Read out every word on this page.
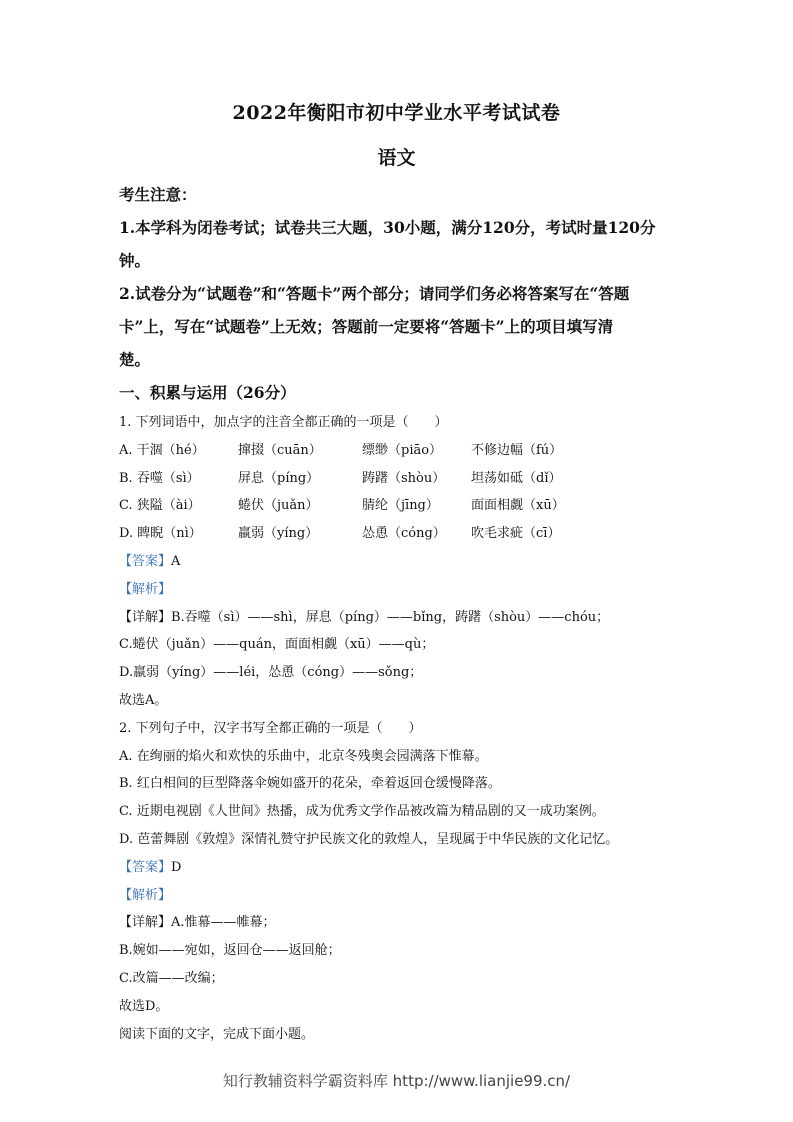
2022年衡阳市初中学业水平考试试卷
语文
考生注意：
1.本学科为闭卷考试；试卷共三大题，30小题，满分120分，考试时量120分
钟。
2.试卷分为“试题卷”和“答题卡”两个部分；请同学们务必将答案写在“答题
卡”上，写在“试题卷”上无效；答题前一定要将“答题卡”上的项目填写清
楚。
一、积累与运用（26分）
1. 下列词语中，加点字的注音全都正确的一项是（　　）
A. 干涸（hé）	撺掇（cuān）	缥缈（piāo）	不修边幅（fú）
B. 吞噬（sì）	屏息（píng）	踌躇（shòu）	坦荡如砥（dǐ）
C. 狭隘（ài）	蜷伏（juǎn）	腈纶（jīng）	面面相觑（xū）
D. 睥睨（nì）	羸弱（yíng）	怂恿（cóng）	吹毛求疵（cī）
【答案】A
【解析】
【详解】B.吞噬（sì）——shì，屏息（píng）——bǐng，踌躇（shòu）——chóu；
C.蜷伏（juǎn）——quán，面面相觑（xū）——qù；
D.羸弱（yíng）——léi，怂恿（cóng）——sǒng；
故选A。
2. 下列句子中，汉字书写全都正确的一项是（　　）
A. 在绚丽的焰火和欢快的乐曲中，北京冬残奥会园满落下惟幕。
B. 红白相间的巨型降落伞婉如盛开的花朵，牵着返回仓缓慢降落。
C. 近期电视剧《人世间》热播，成为优秀文学作品被改篇为精品剧的又一成功案例。
D. 芭蕾舞剧《敦煌》深情礼赞守护民族文化的敦煌人，呈现属于中华民族的文化记忆。
【答案】D
【解析】
【详解】A.惟幕——帷幕；
B.婉如——宛如，返回仓——返回舱；
C.改篇——改编；
故选D。
阅读下面的文字，完成下面小题。
知行教辅资料学霸资料库 http://www.lianjie99.cn/
